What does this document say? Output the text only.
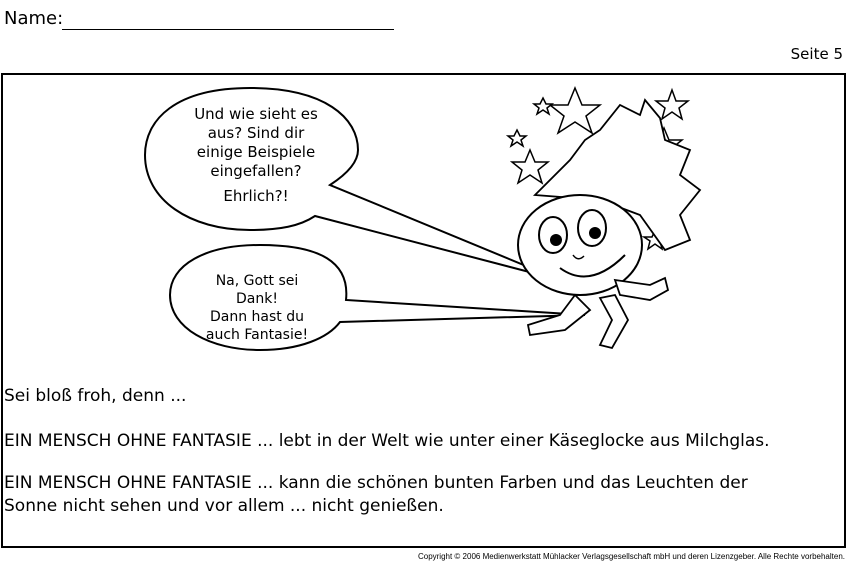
Name:
Seite 5
Und wie sieht es
aus? Sind dir
einige Beispiele
eingefallen?
Ehrlich?!
Na, Gott sei
Dank!
Dann hast du
auch Fantasie!
Sei bloß froh, denn ...
EIN MENSCH OHNE FANTASIE ... lebt in der Welt wie unter einer Käseglocke aus Milchglas.
EIN MENSCH OHNE FANTASIE ... kann die schönen bunten Farben und das Leuchten der Sonne nicht sehen und vor allem ... nicht genießen.
Copyright © 2006 Medienwerkstatt Mühlacker Verlagsgesellschaft mbH und deren Lizenzgeber. Alle Rechte vorbehalten.
